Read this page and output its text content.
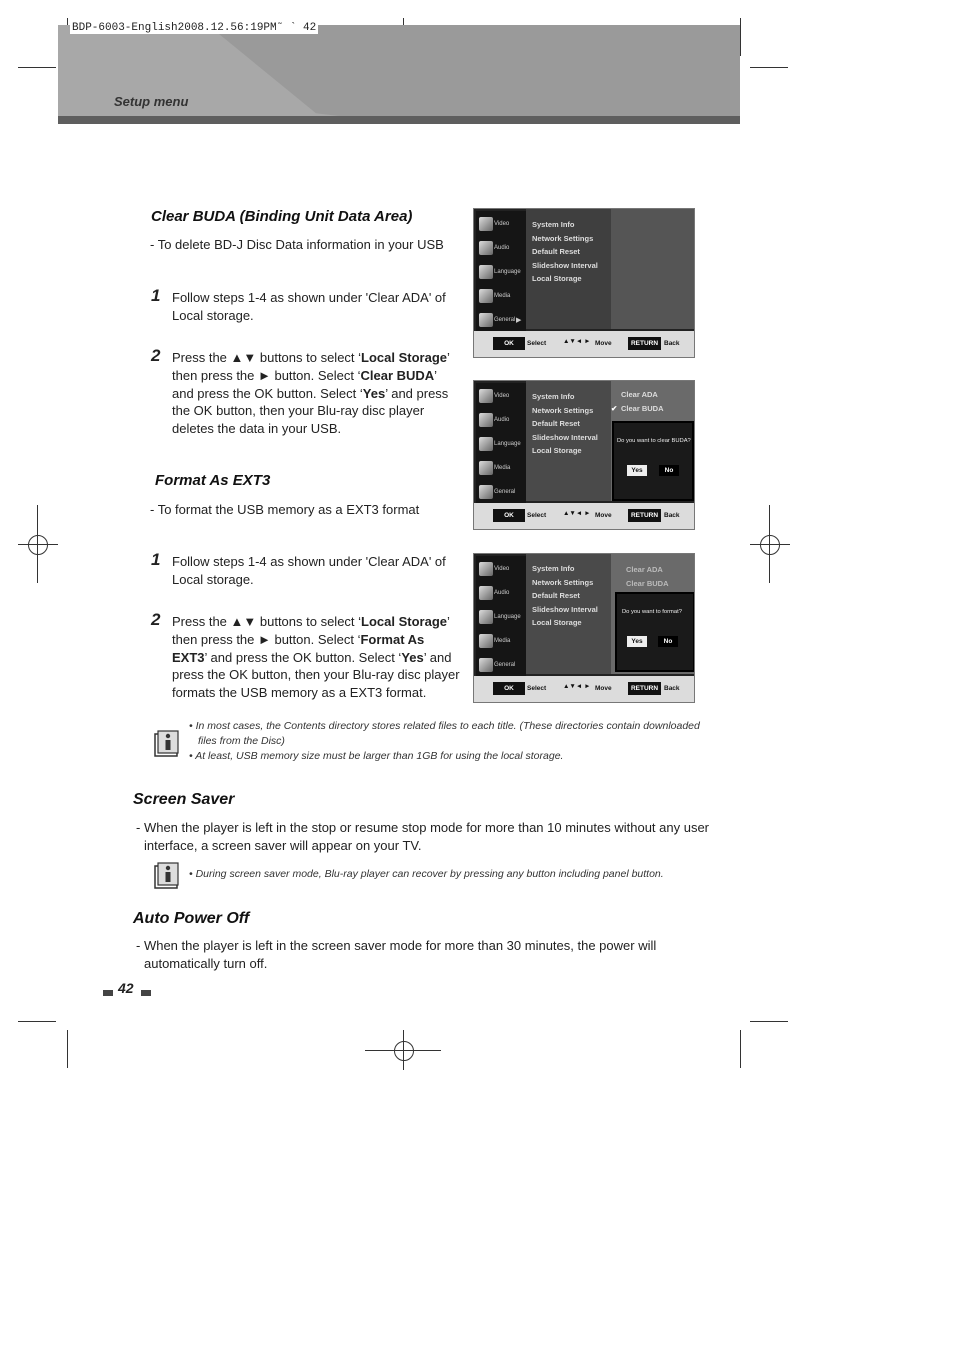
BDP-6003-English2008.12.56:19PM˜ ` 42
Setup menu
Clear BUDA (Binding Unit Data Area)
- To delete BD-J Disc Data information in your USB
1 Follow steps 1-4 as shown under 'Clear ADA' of
Local storage.
2 Press the ▲▼ buttons to select ‘Local Storage’
then press the ► button. Select ‘Clear BUDA’
and press the OK button. Select ‘Yes’ and press
the OK button, then your Blu-ray disc player
deletes the data in your USB.
Format As EXT3
- To format the USB memory as a EXT3 format
1 Follow steps 1-4 as shown under 'Clear ADA' of
Local storage.
2 Press the ▲▼ buttons to select ‘Local Storage’
then press the ► button. Select ‘Format As
EXT3’ and press the OK button. Select ‘Yes’ and
press the OK button, then your Blu-ray disc player
formats the USB memory as a EXT3 format.
Video
Audio
Language
Media
General ▶
System Info
Network Settings
Default Reset
Slideshow Interval
Local Storage
OK	Select	▲▼◄ ► Move	RETURN Back
Video
Audio
Language
Media
General
System Info
Network Settings
Default Reset
Slideshow Interval
Local Storage
Clear ADA
Clear BUDA
✔
Do you want to clear BUDA?
Yes	No
OK	Select	▲▼◄ ► Move	RETURN Back
Video
Audio
Language
Media
General
System Info
Network Settings
Default Reset
Slideshow Interval
Local Storage
Clear ADA
Clear BUDA
Do you want to format?
Yes	No
OK	Select	▲▼◄ ► Move	RETURN Back
• In most cases, the Contents directory stores related files to each title. (These directories contain downloaded
files from the Disc)
• At least, USB memory size must be larger than 1GB for using the local storage.
Screen Saver
- When the player is left in the stop or resume stop mode for more than 10 minutes without any user
interface, a screen saver will appear on your TV.
• During screen saver mode, Blu-ray player can recover by pressing any button including panel button.
Auto Power Off
- When the player is left in the screen saver mode for more than 30 minutes, the power will
automatically turn off.
42
